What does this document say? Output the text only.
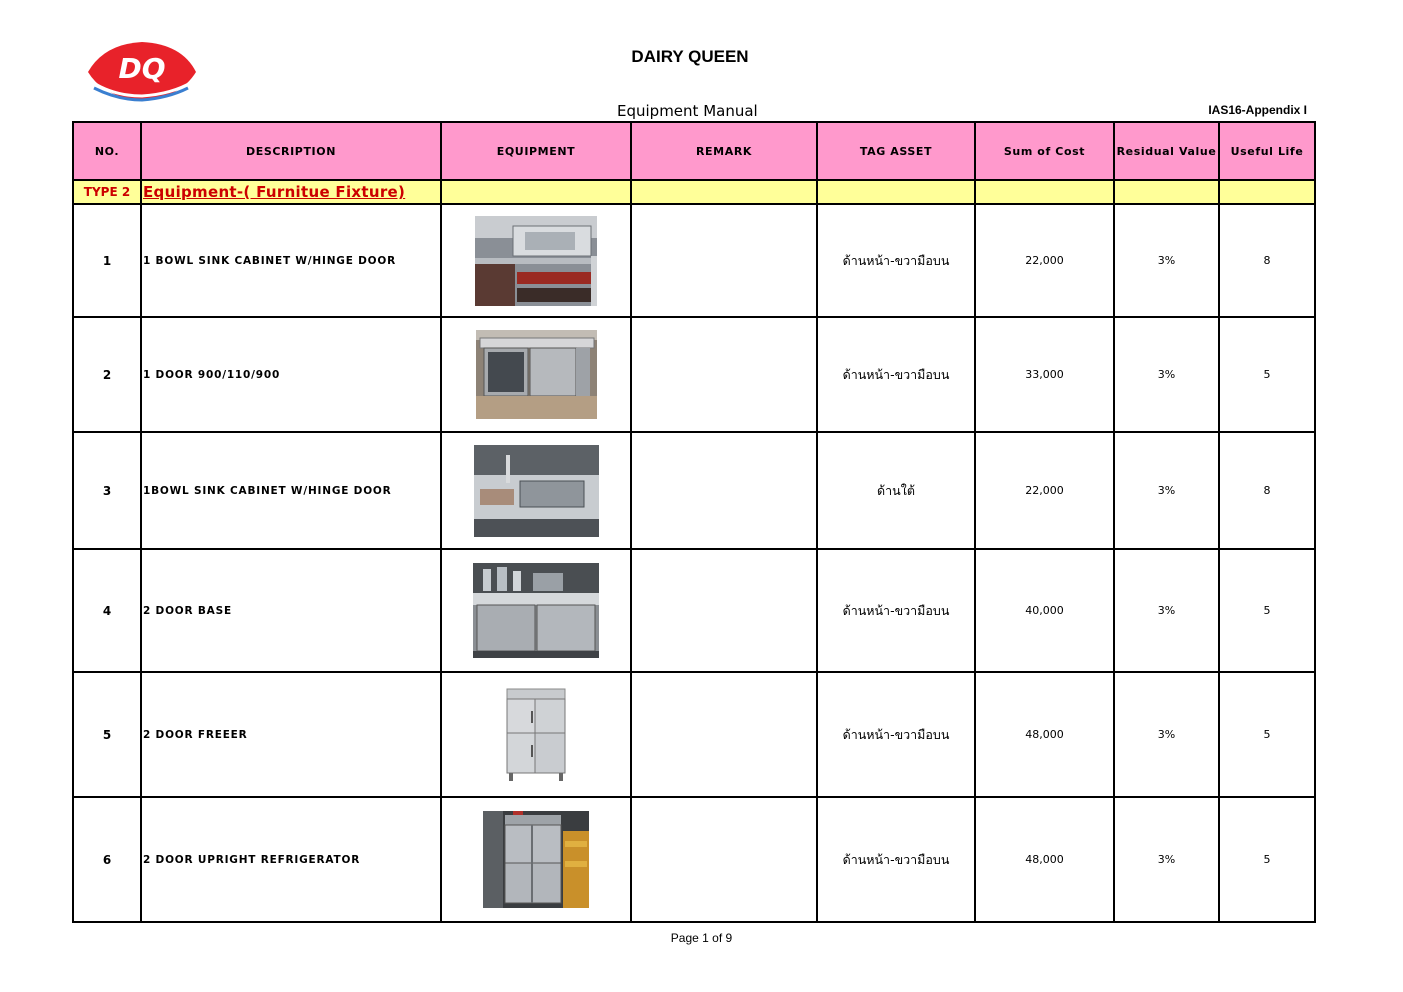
DQ	DAIRY QUEEN
Equipment Manual	IAS16-Appendix I
NO.	DESCRIPTION	EQUIPMENT	REMARK	TAG ASSET	Sum of Cost	Residual Value	Useful Life
TYPE 2	Equipment-( Furnitue Fixture)						
1	1 BOWL SINK CABINET W/HINGE DOOR			ด้านหน้า-ขวามือบน	22,000	3%	8
2	1 DOOR 900/110/900			ด้านหน้า-ขวามือบน	33,000	3%	5
3	1BOWL SINK CABINET W/HINGE DOOR			ด้านใต้	22,000	3%	8
4	2 DOOR BASE			ด้านหน้า-ขวามือบน	40,000	3%	5
5	2 DOOR FREEER			ด้านหน้า-ขวามือบน	48,000	3%	5
6	2 DOOR UPRIGHT REFRIGERATOR			ด้านหน้า-ขวามือบน	48,000	3%	5
Page 1 of 9
